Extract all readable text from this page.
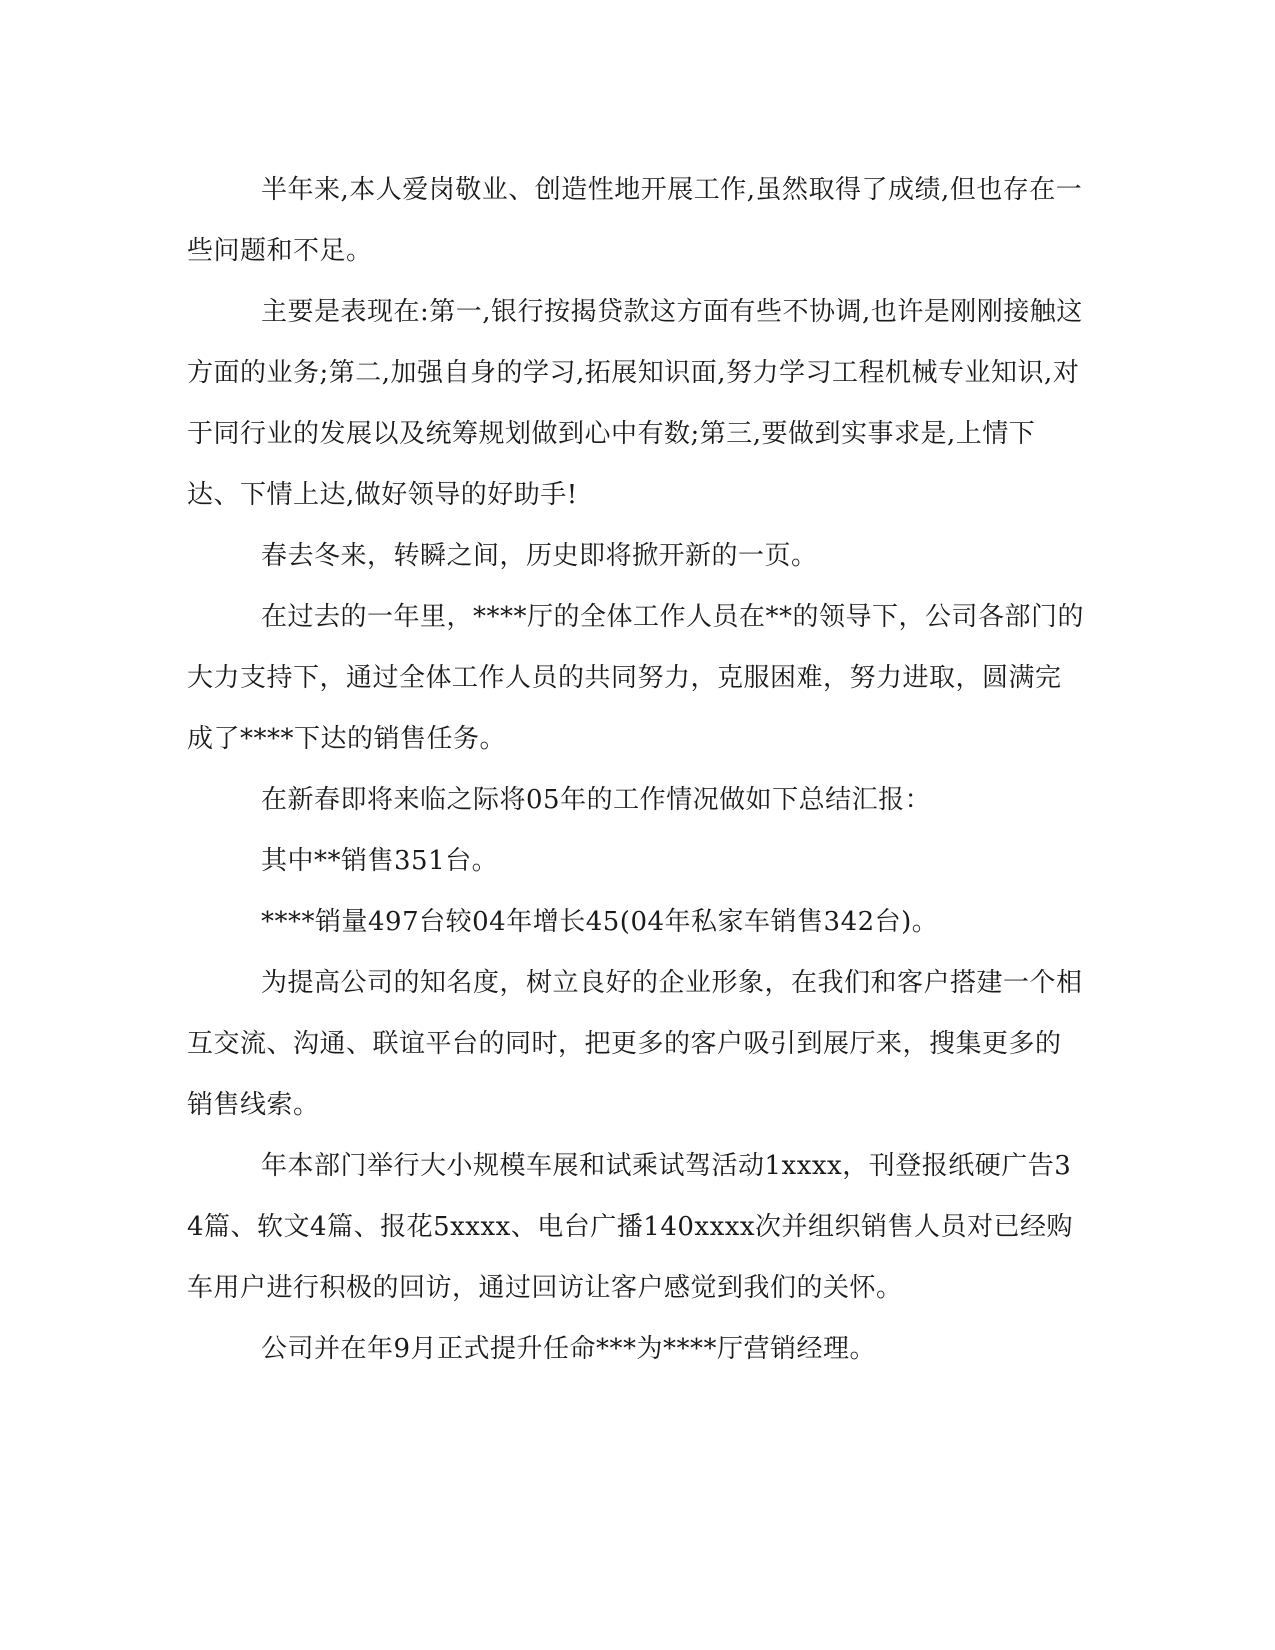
半年来,本人爱岗敬业、创造性地开展工作,虽然取得了成绩,但也存在一些问题和不足。

主要是表现在:第一,银行按揭贷款这方面有些不协调,也许是刚刚接触这方面的业务;第二,加强自身的学习,拓展知识面,努力学习工程机械专业知识,对于同行业的发展以及统筹规划做到心中有数;第三,要做到实事求是,上情下达、下情上达,做好领导的好助手!

春去冬来，转瞬之间，历史即将掀开新的一页。

在过去的一年里，****厅的全体工作人员在**的领导下，公司各部门的大力支持下，通过全体工作人员的共同努力，克服困难，努力进取，圆满完成了****下达的销售任务。

在新春即将来临之际将05年的工作情况做如下总结汇报：

其中**销售351台。

****销量497台较04年增长45(04年私家车销售342台)。

为提高公司的知名度，树立良好的企业形象，在我们和客户搭建一个相互交流、沟通、联谊平台的同时，把更多的客户吸引到展厅来，搜集更多的销售线索。

年本部门举行大小规模车展和试乘试驾活动1xxxx，刊登报纸硬广告34篇、软文4篇、报花5xxxx、电台广播140xxxx次并组织销售人员对已经购车用户进行积极的回访，通过回访让客户感觉到我们的关怀。

公司并在年9月正式提升任命***为****厅营销经理。
